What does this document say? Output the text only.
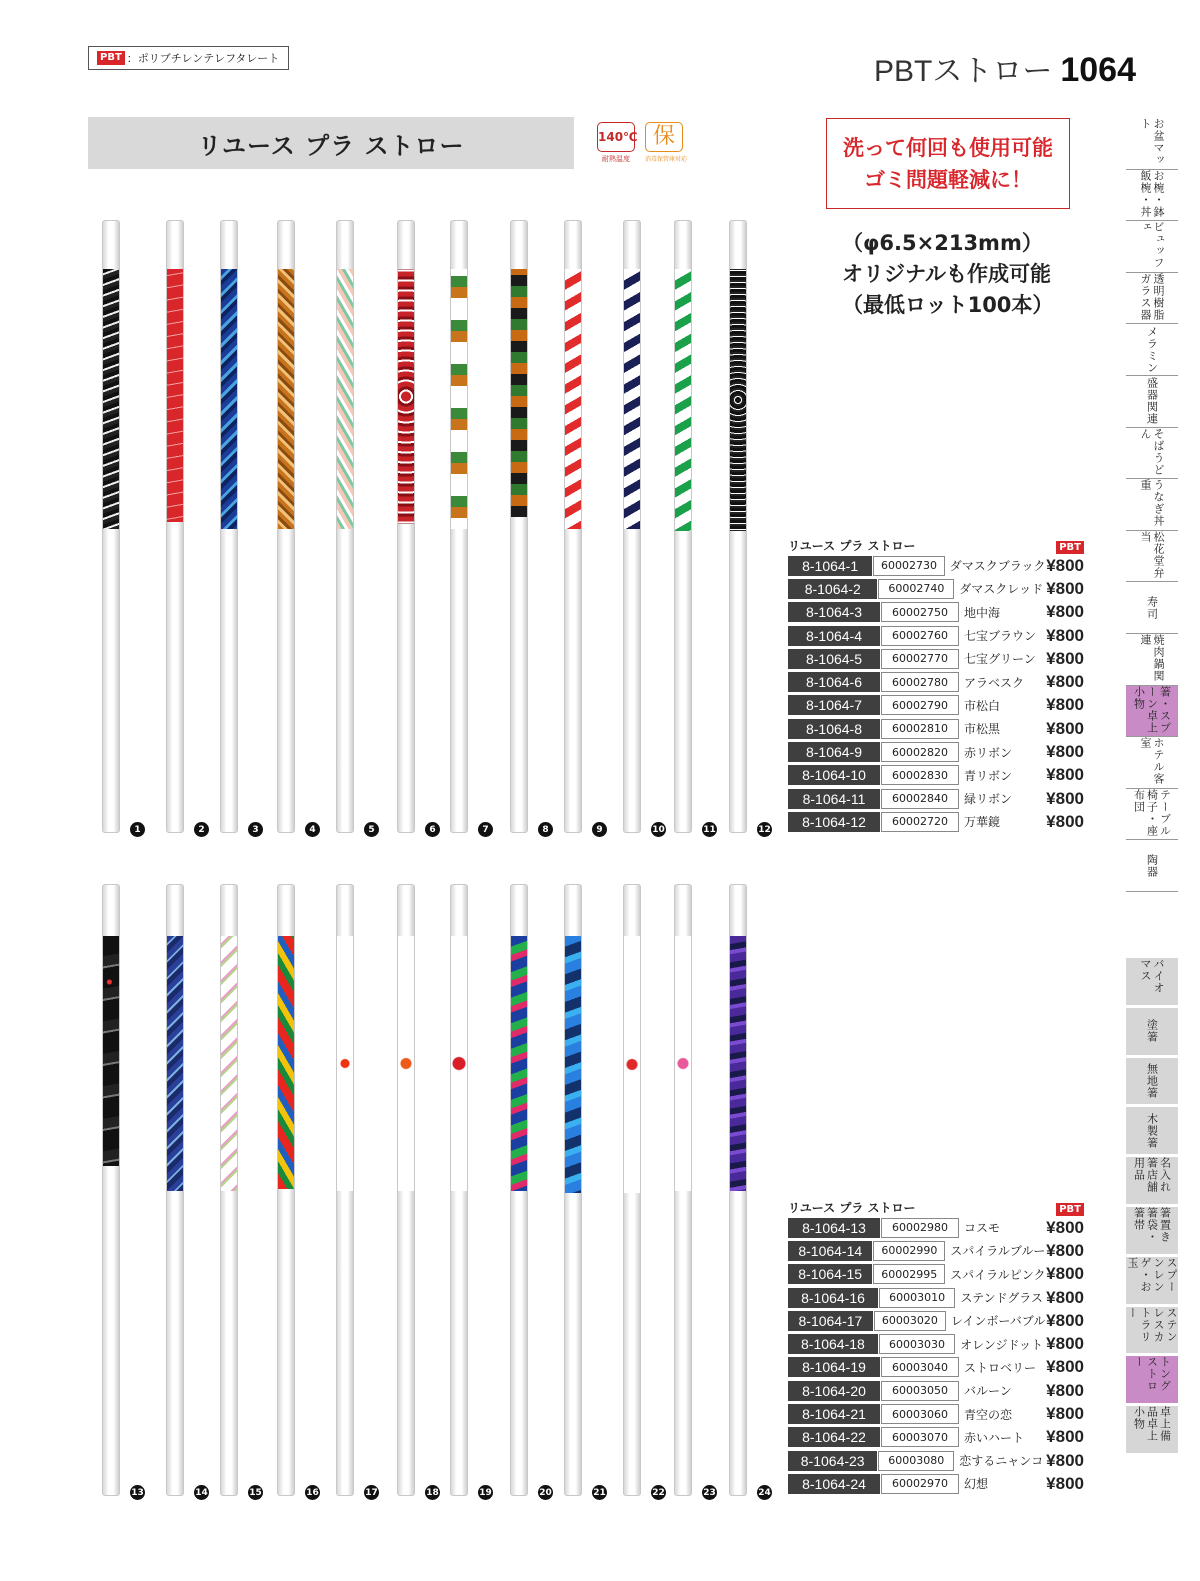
PBT ：ポリブチレンテレフタレート	PBTストロー 1064
リユース プラ ストロー	140℃
耐熱温度
保
消毒保管庫対応	洗って何回も使用可能
ゴミ問題軽減に！
（φ6.5×213mm）
オリジナルも作成可能
（最低ロット100本）
1	2	3	4	5	6	7	8	9	10	11	12
13	14	15	16	17	18	19	20	21	22	23	24
リユース プラ ストロー	PBT
8-1064-1	60002730	ダマスクブラック ¥800
8-1064-2	60002740	ダマスクレッド ¥800
8-1064-3	60002750	地中海	¥800
8-1064-4	60002760	七宝ブラウン ¥800
8-1064-5	60002770	七宝グリーン ¥800
8-1064-6	60002780	アラベスク	¥800
8-1064-7	60002790	市松白	¥800
8-1064-8	60002810	市松黒	¥800
8-1064-9	60002820	赤リボン	¥800
8-1064-10	60002830	青リボン	¥800
8-1064-11	60002840	緑リボン	¥800
8-1064-12	60002720	万華鏡	¥800
リユース プラ ストロー	PBT
8-1064-13	60002980	コスモ	¥800
8-1064-14	60002990	スパイラルブルー ¥800
8-1064-15	60002995	スパイラルピンク ¥800
8-1064-16	60003010	ステンドグラス ¥800
8-1064-17	60003020	レインボーバブル ¥800
8-1064-18	60003030	オレンジドット ¥800
8-1064-19	60003040	ストロベリー ¥800
8-1064-20	60003050	バルーン	¥800
8-1064-21	60003060	青空の恋	¥800
8-1064-22	60003070	赤いハート	¥800
8-1064-23	60003080	恋するニャンコ ¥800
8-1064-24	60002970	幻想	¥800
お盆マット
お椀・鉢飯椀・丼
ビュッフェ
透明樹脂ガラス器
メラミン
盛器関連
そばうどん
うなぎ丼重
松花堂弁当
寿司
焼肉鍋関連
箸・スプーン卓上小物
ホテル客室
テーブル椅子・座布団
陶器
バイオマス
塗箸
無地箸
木製箸
名入れ箸店舗用品
箸置き箸袋・箸帯
スプーンレンゲ・お玉
ステンレスカトラリー
トングストロー
卓上備品卓上小物
